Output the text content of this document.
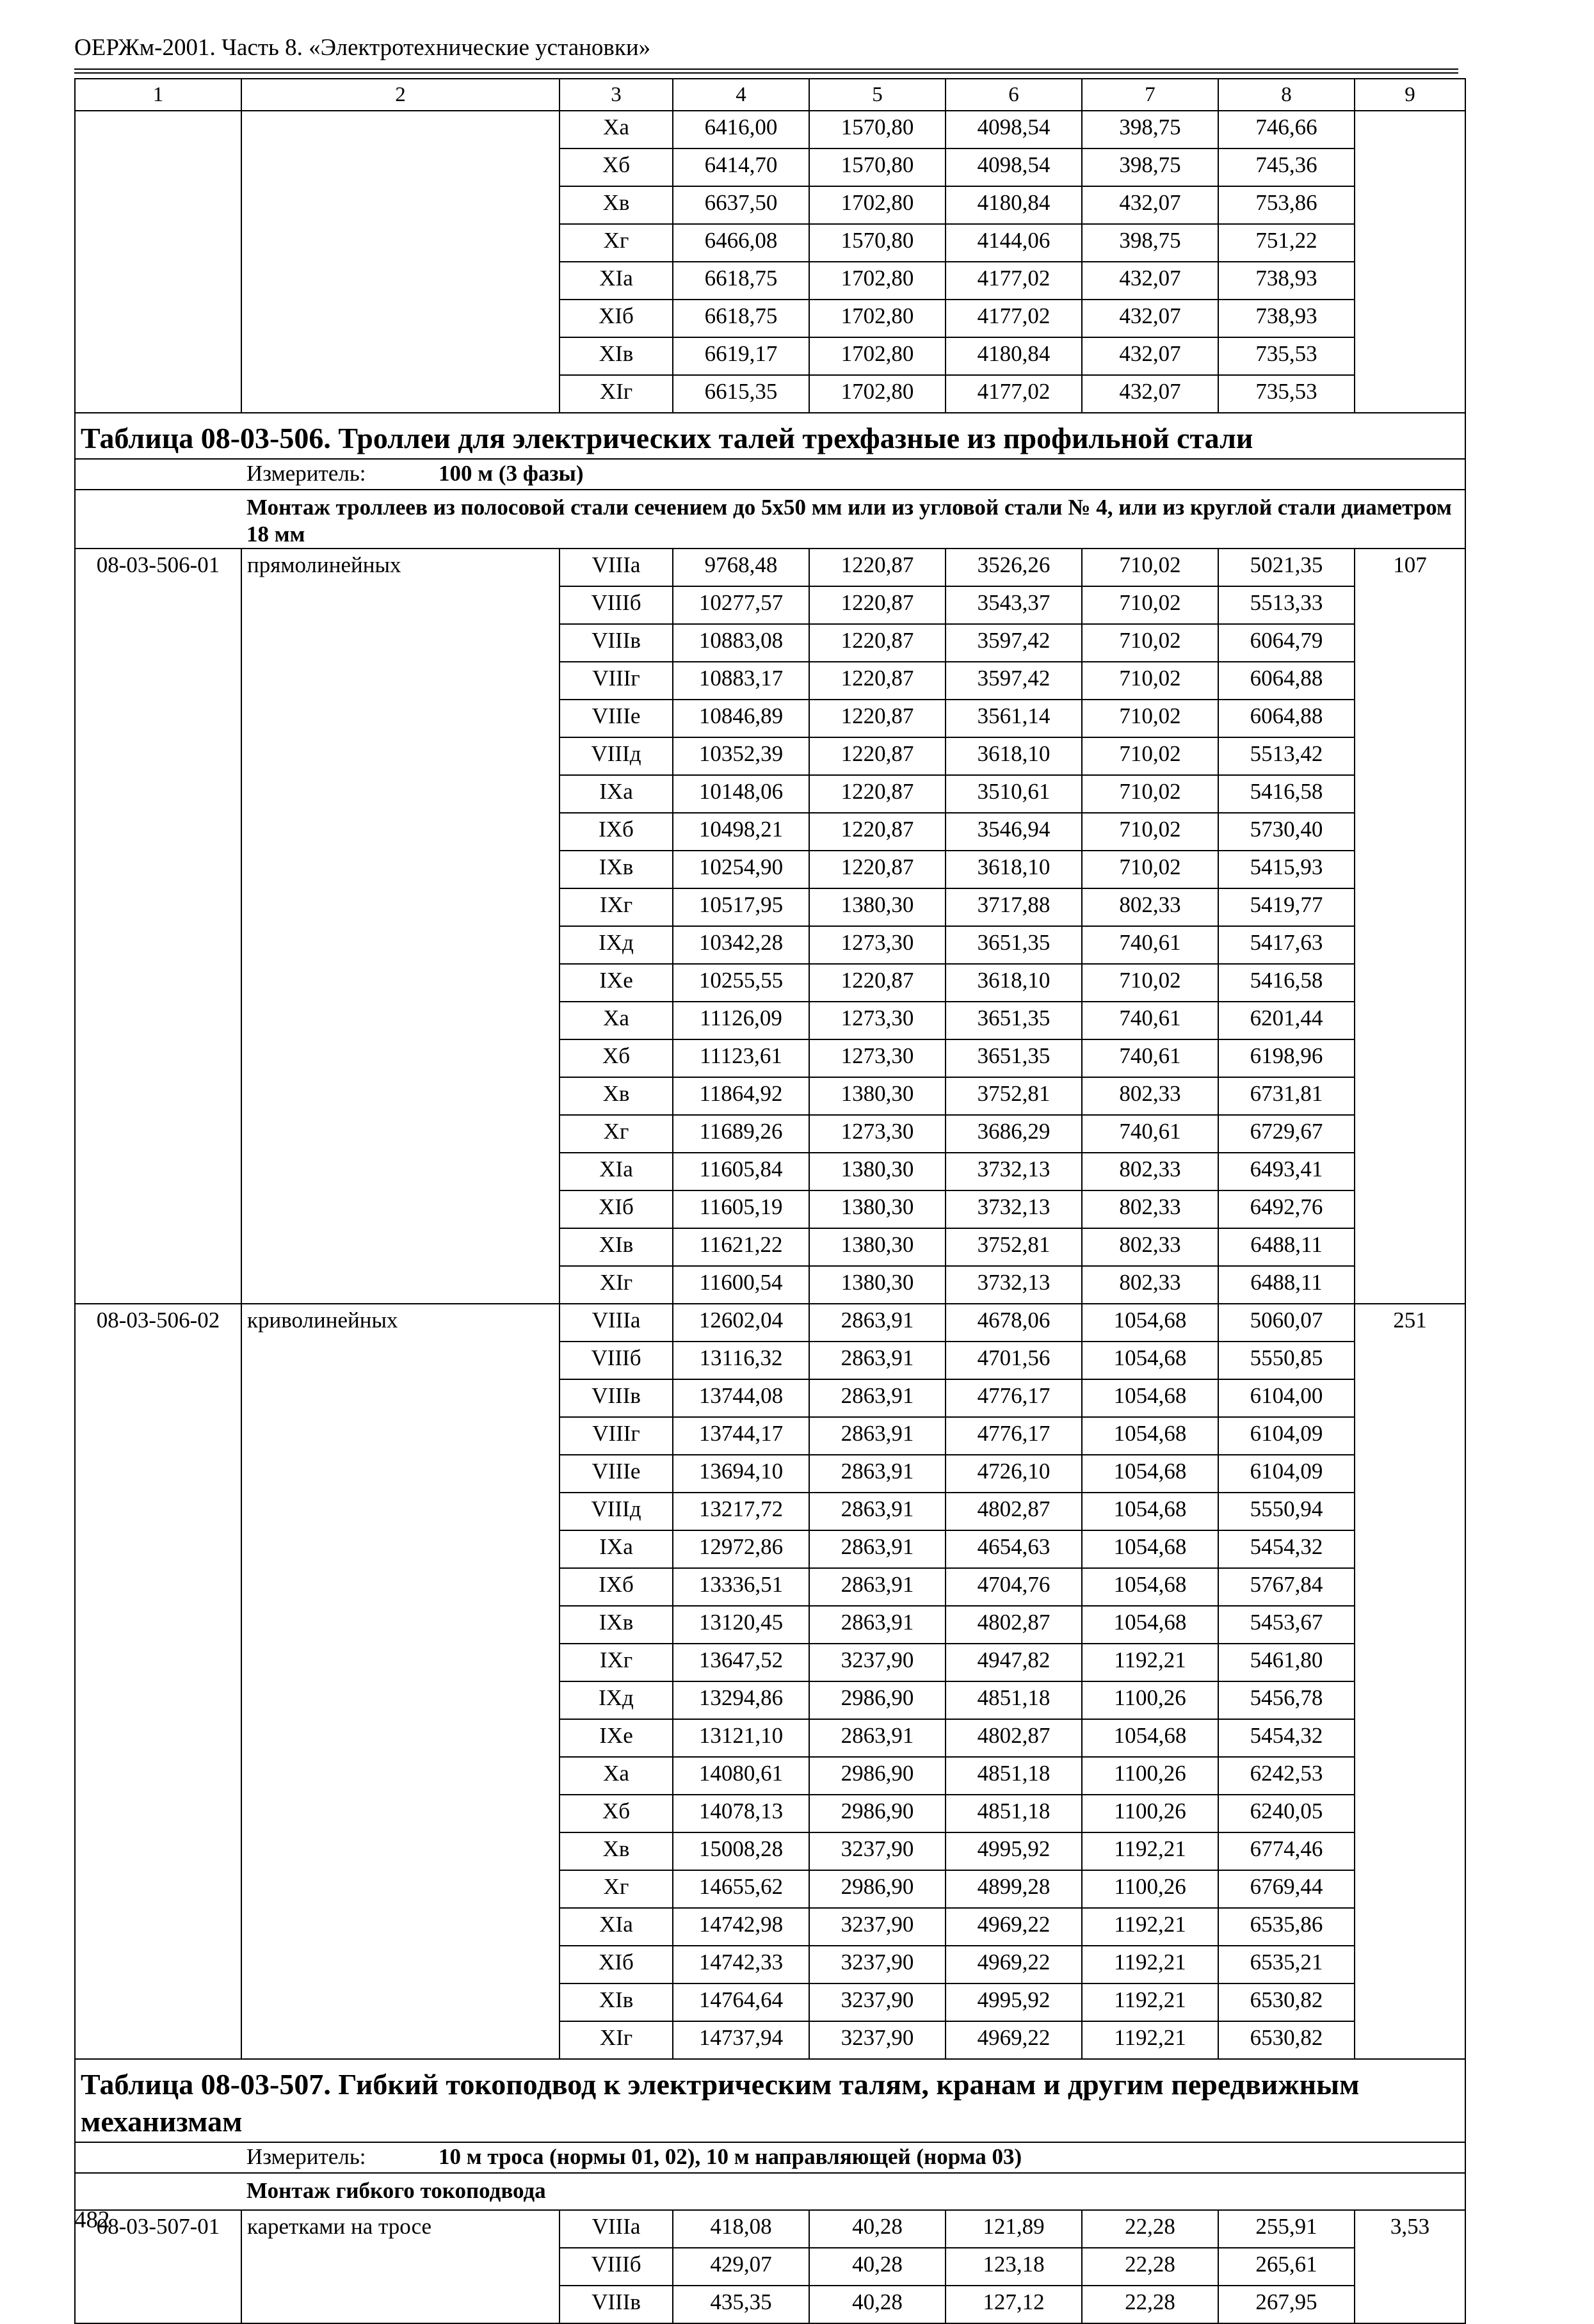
ОЕРЖм-2001. Часть 8. «Электротехнические установки»
1	2	3	4	5	6	7	8	9
		Xa	6416,00	1570,80	4098,54	398,75	746,66	
		Xб	6414,70	1570,80	4098,54	398,75	745,36	
		Xв	6637,50	1702,80	4180,84	432,07	753,86	
		Xг	6466,08	1570,80	4144,06	398,75	751,22	
		XIa	6618,75	1702,80	4177,02	432,07	738,93	
		XIб	6618,75	1702,80	4177,02	432,07	738,93	
		XIв	6619,17	1702,80	4180,84	432,07	735,53	
		XIг	6615,35	1702,80	4177,02	432,07	735,53	
Таблица 08-03-506. Троллеи для электрических талей трехфазные из профильной стали								
	Измеритель: 100 м (3 фазы)							
	Монтаж троллеев из полосовой стали сечением до 5х50 мм или из угловой стали № 4, или из круглой стали диаметром 18 мм							
08-03-506-01	прямолинейных	VIIIa	9768,48	1220,87	3526,26	710,02	5021,35	107
		VIIIб	10277,57	1220,87	3543,37	710,02	5513,33	
		VIIIв	10883,08	1220,87	3597,42	710,02	6064,79	
		VIIIг	10883,17	1220,87	3597,42	710,02	6064,88	
		VIIIe	10846,89	1220,87	3561,14	710,02	6064,88	
		VIIIд	10352,39	1220,87	3618,10	710,02	5513,42	
		IXa	10148,06	1220,87	3510,61	710,02	5416,58	
		IXб	10498,21	1220,87	3546,94	710,02	5730,40	
		IXв	10254,90	1220,87	3618,10	710,02	5415,93	
		IXг	10517,95	1380,30	3717,88	802,33	5419,77	
		IXд	10342,28	1273,30	3651,35	740,61	5417,63	
		IXe	10255,55	1220,87	3618,10	710,02	5416,58	
		Xa	11126,09	1273,30	3651,35	740,61	6201,44	
		Xб	11123,61	1273,30	3651,35	740,61	6198,96	
		Xв	11864,92	1380,30	3752,81	802,33	6731,81	
		Xг	11689,26	1273,30	3686,29	740,61	6729,67	
		XIa	11605,84	1380,30	3732,13	802,33	6493,41	
		XIб	11605,19	1380,30	3732,13	802,33	6492,76	
		XIв	11621,22	1380,30	3752,81	802,33	6488,11	
		XIг	11600,54	1380,30	3732,13	802,33	6488,11	
08-03-506-02	криволинейных	VIIIa	12602,04	2863,91	4678,06	1054,68	5060,07	251
		VIIIб	13116,32	2863,91	4701,56	1054,68	5550,85	
		VIIIв	13744,08	2863,91	4776,17	1054,68	6104,00	
		VIIIг	13744,17	2863,91	4776,17	1054,68	6104,09	
		VIIIe	13694,10	2863,91	4726,10	1054,68	6104,09	
		VIIIд	13217,72	2863,91	4802,87	1054,68	5550,94	
		IXa	12972,86	2863,91	4654,63	1054,68	5454,32	
		IXб	13336,51	2863,91	4704,76	1054,68	5767,84	
		IXв	13120,45	2863,91	4802,87	1054,68	5453,67	
		IXг	13647,52	3237,90	4947,82	1192,21	5461,80	
		IXд	13294,86	2986,90	4851,18	1100,26	5456,78	
		IXe	13121,10	2863,91	4802,87	1054,68	5454,32	
		Xa	14080,61	2986,90	4851,18	1100,26	6242,53	
		Xб	14078,13	2986,90	4851,18	1100,26	6240,05	
		Xв	15008,28	3237,90	4995,92	1192,21	6774,46	
		Xг	14655,62	2986,90	4899,28	1100,26	6769,44	
		XIa	14742,98	3237,90	4969,22	1192,21	6535,86	
		XIб	14742,33	3237,90	4969,22	1192,21	6535,21	
		XIв	14764,64	3237,90	4995,92	1192,21	6530,82	
		XIг	14737,94	3237,90	4969,22	1192,21	6530,82	
Таблица 08-03-507. Гибкий токоподвод к электрическим талям, кранам и другим передвижным механизмам								
	Измеритель: 10 м троса (нормы 01, 02), 10 м направляющей (норма 03)							
	Монтаж гибкого токоподвода							
08-03-507-01	каретками на тросе	VIIIa	418,08	40,28	121,89	22,28	255,91	3,53
		VIIIб	429,07	40,28	123,18	22,28	265,61	
		VIIIв	435,35	40,28	127,12	22,28	267,95	
482
